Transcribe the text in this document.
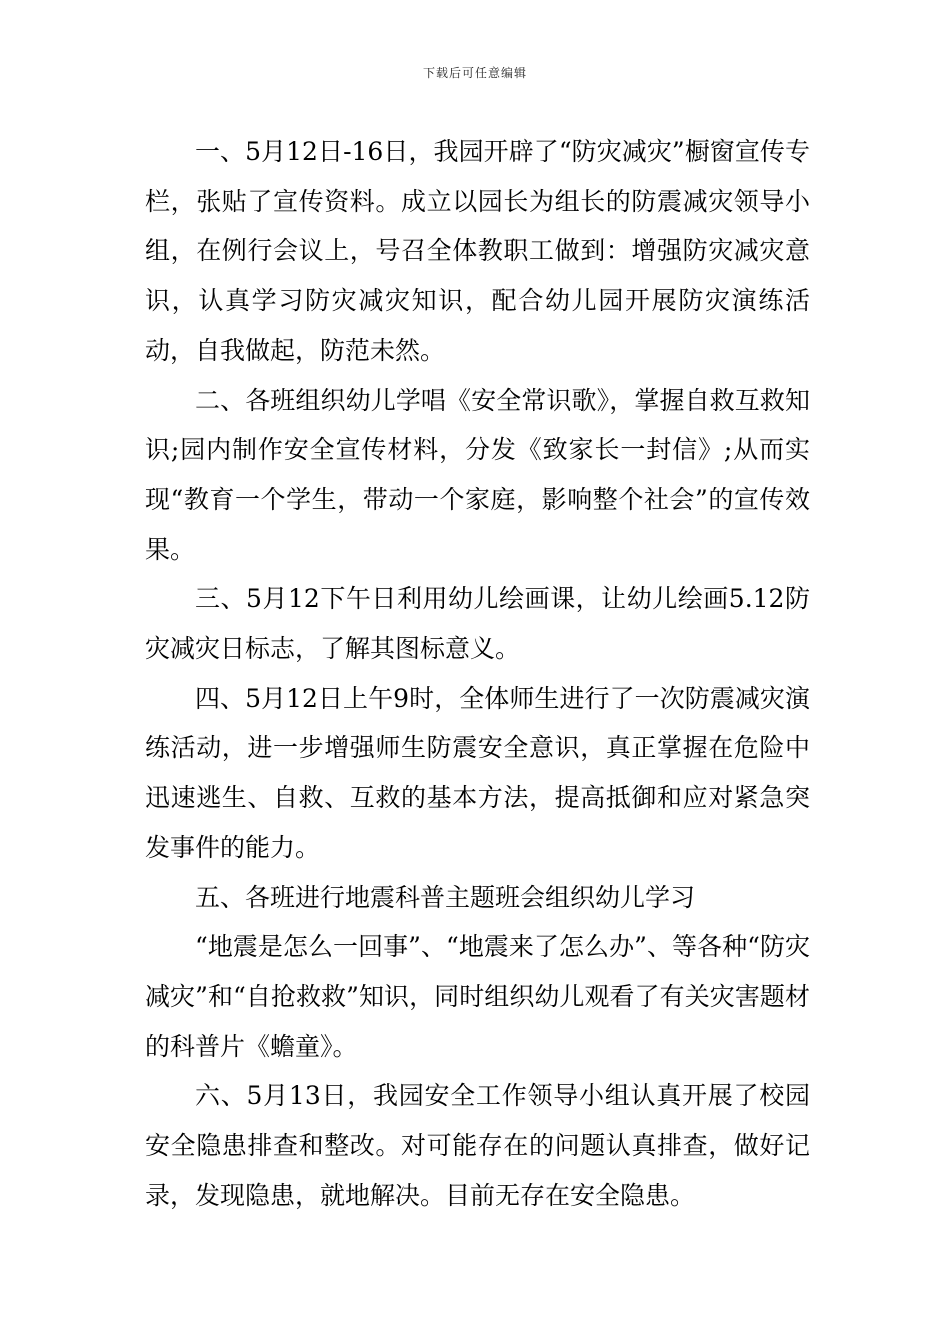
下载后可任意编辑

一、5月12日-16日，我园开辟了“防灾减灾”橱窗宣传专栏，张贴了宣传资料。成立以园长为组长的防震减灾领导小组，在例行会议上，号召全体教职工做到：增强防灾减灾意识，认真学习防灾减灾知识，配合幼儿园开展防灾演练活动，自我做起，防范未然。

二、各班组织幼儿学唱《安全常识歌》，掌握自救互救知识;园内制作安全宣传材料，分发《致家长一封信》;从而实现“教育一个学生，带动一个家庭，影响整个社会”的宣传效果。

三、5月12下午日利用幼儿绘画课，让幼儿绘画5.12防灾减灾日标志，了解其图标意义。

四、5月12日上午9时，全体师生进行了一次防震减灾演练活动，进一步增强师生防震安全意识，真正掌握在危险中迅速逃生、自救、互救的基本方法，提高抵御和应对紧急突发事件的能力。

五、各班进行地震科普主题班会组织幼儿学习

“地震是怎么一回事”、“地震来了怎么办”、等各种“防灾减灾”和“自抢救救”知识，同时组织幼儿观看了有关灾害题材的科普片《蟾童》。

六、5月13日，我园安全工作领导小组认真开展了校园安全隐患排查和整改。对可能存在的问题认真排查，做好记录，发现隐患，就地解决。目前无存在安全隐患。
